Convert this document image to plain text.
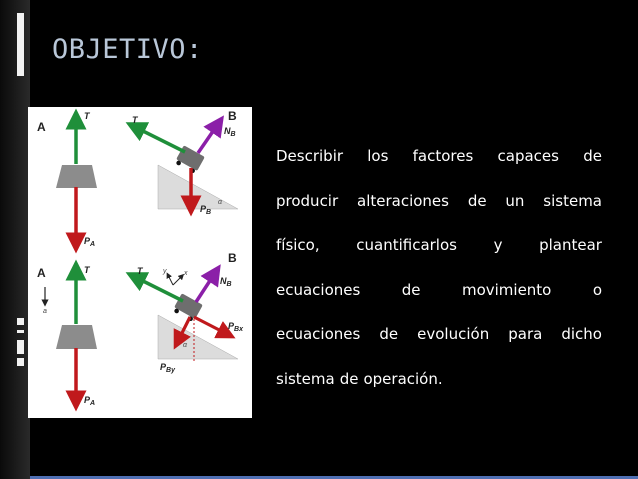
OBJETIVO:
A
T
$P_A$
B
α
T
$N_B$
$P_B$
A
a
T
$P_A$
B
α
x
y
T
$N_B$
$P_{Bx}$
$P_{By}$
Describir los factores capaces de
producir alteraciones de un sistema
físico, cuantificarlos y plantear
ecuaciones	de	movimiento	o
ecuaciones de evolución para dicho
sistema de operación.
